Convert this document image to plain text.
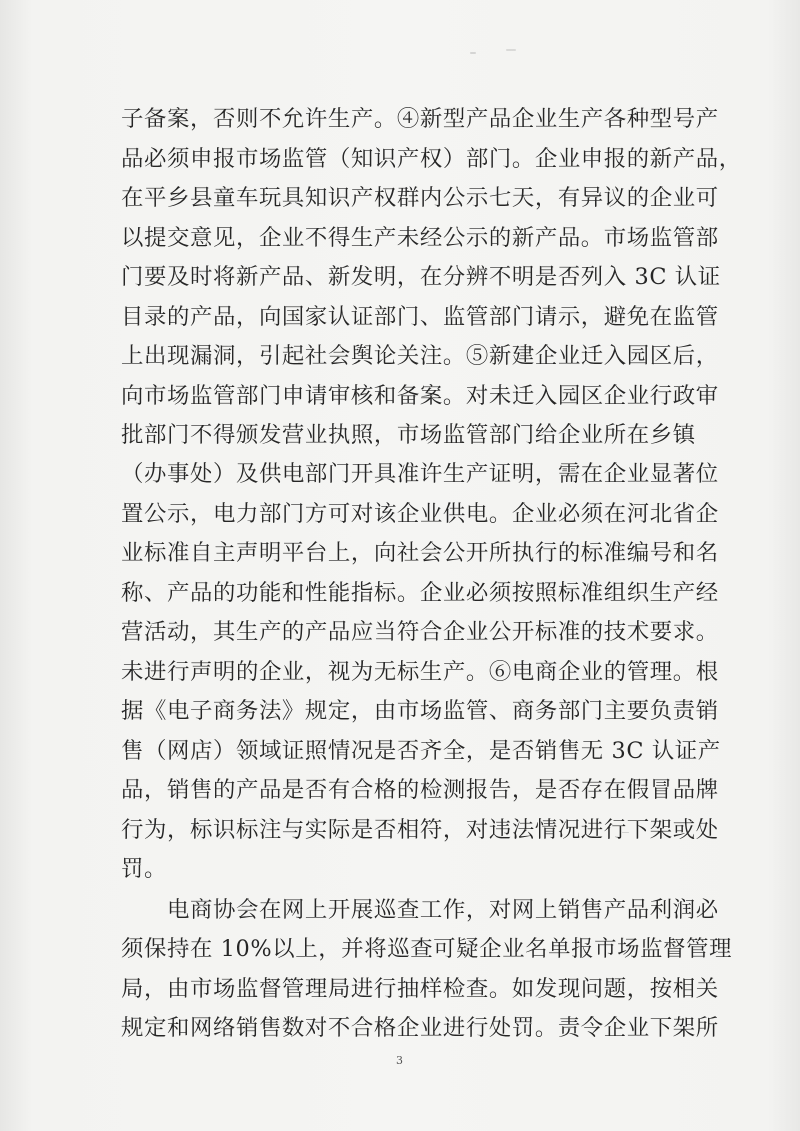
子备案，否则不允许生产。④新型产品企业生产各种型号产
品必须申报市场监管（知识产权）部门。企业申报的新产品，
在平乡县童车玩具知识产权群内公示七天，有异议的企业可
以提交意见，企业不得生产未经公示的新产品。市场监管部
门要及时将新产品、新发明，在分辨不明是否列入 3C 认证
目录的产品，向国家认证部门、监管部门请示，避免在监管
上出现漏洞，引起社会舆论关注。⑤新建企业迁入园区后，
向市场监管部门申请审核和备案。对未迁入园区企业行政审
批部门不得颁发营业执照，市场监管部门给企业所在乡镇
（办事处）及供电部门开具准许生产证明，需在企业显著位
置公示，电力部门方可对该企业供电。企业必须在河北省企
业标准自主声明平台上，向社会公开所执行的标准编号和名
称、产品的功能和性能指标。企业必须按照标准组织生产经
营活动，其生产的产品应当符合企业公开标准的技术要求。
未进行声明的企业，视为无标生产。⑥电商企业的管理。根
据《电子商务法》规定，由市场监管、商务部门主要负责销
售（网店）领域证照情况是否齐全，是否销售无 3C 认证产
品，销售的产品是否有合格的检测报告，是否存在假冒品牌
行为，标识标注与实际是否相符，对违法情况进行下架或处
罚。
　　电商协会在网上开展巡查工作，对网上销售产品利润必
须保持在 10%以上，并将巡查可疑企业名单报市场监督管理
局，由市场监督管理局进行抽样检查。如发现问题，按相关
规定和网络销售数对不合格企业进行处罚。责令企业下架所
3
